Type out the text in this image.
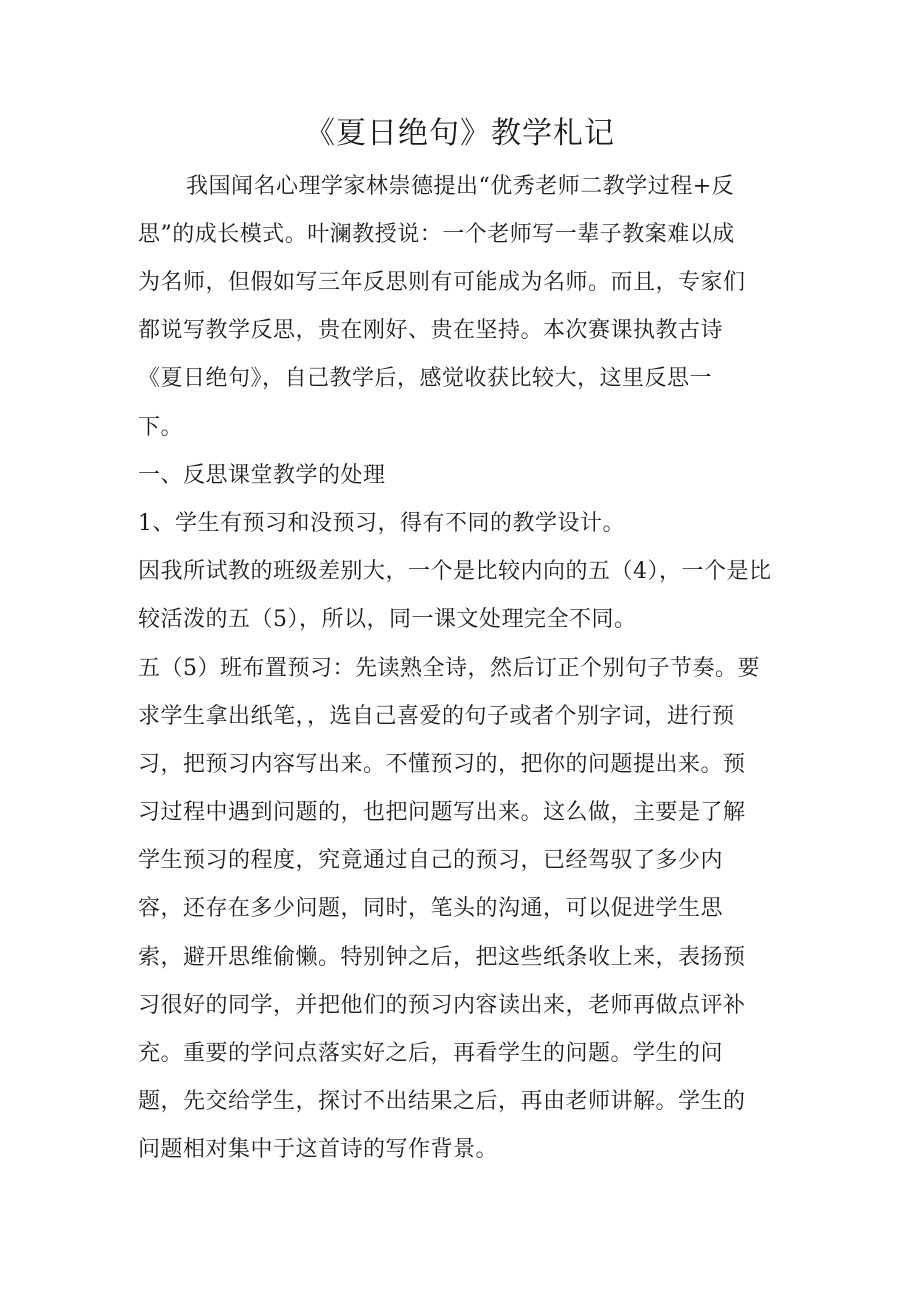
《夏日绝句》教学札记
我国闻名心理学家林崇德提出“优秀老师二教学过程+反
思”的成长模式。叶澜教授说：一个老师写一辈子教案难以成
为名师，但假如写三年反思则有可能成为名师。而且，专家们
都说写教学反思，贵在刚好、贵在坚持。本次赛课执教古诗
《夏日绝句》，自己教学后，感觉收获比较大，这里反思一
下。
一、反思课堂教学的处理
1、学生有预习和没预习，得有不同的教学设计。
因我所试教的班级差别大，一个是比较内向的五（4），一个是比
较活泼的五（5），所以，同一课文处理完全不同。
五（5）班布置预习：先读熟全诗，然后订正个别句子节奏。要
求学生拿出纸笔，，选自己喜爱的句子或者个别字词，进行预
习，把预习内容写出来。不懂预习的，把你的问题提出来。预
习过程中遇到问题的，也把问题写出来。这么做，主要是了解
学生预习的程度，究竟通过自己的预习，已经驾驭了多少内
容，还存在多少问题，同时，笔头的沟通，可以促进学生思
索，避开思维偷懒。特别钟之后，把这些纸条收上来，表扬预
习很好的同学，并把他们的预习内容读出来，老师再做点评补
充。重要的学问点落实好之后，再看学生的问题。学生的问
题，先交给学生，探讨不出结果之后，再由老师讲解。学生的
问题相对集中于这首诗的写作背景。
